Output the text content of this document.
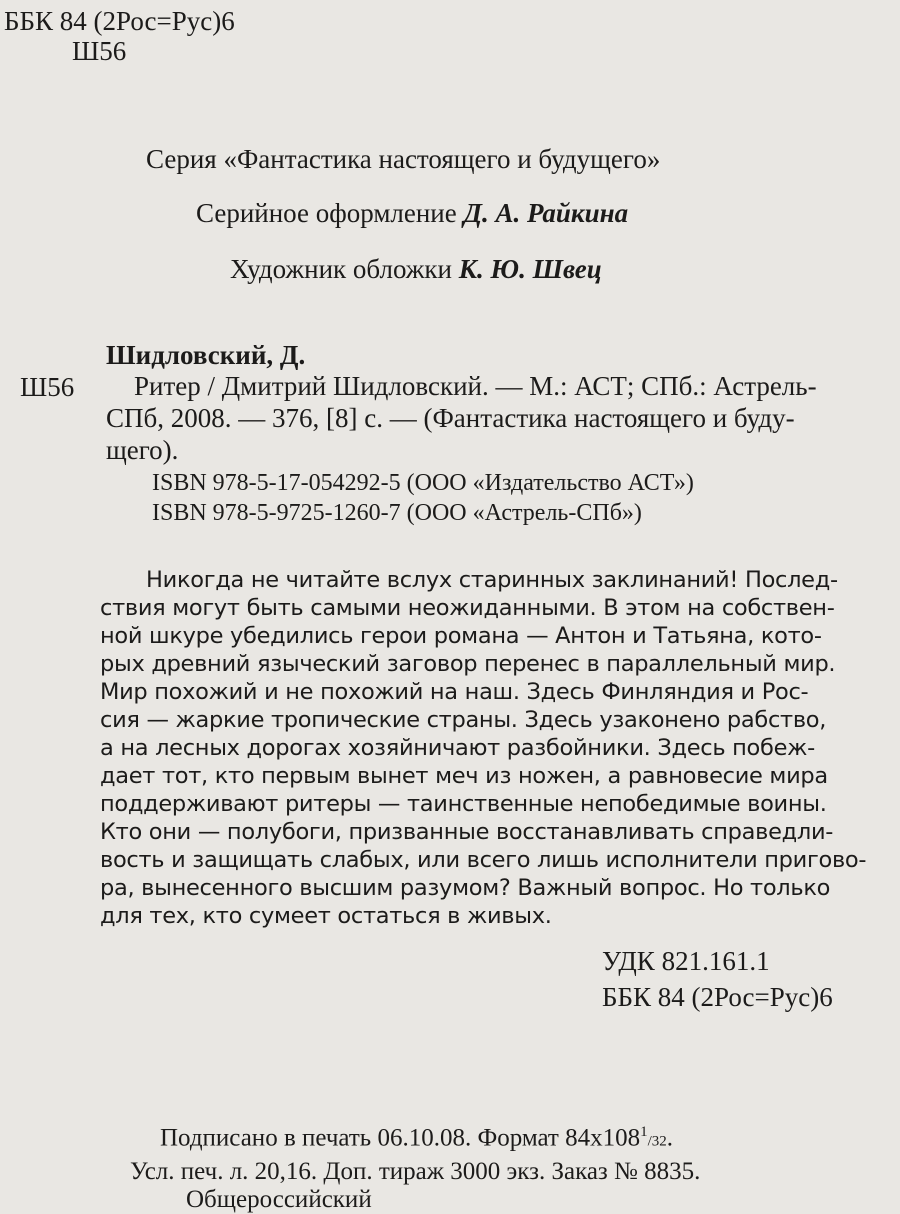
ББК 84 (2Рос=Рус)6
Ш56
Серия «Фантастика настоящего и будущего»
Серийное оформление Д. А. Райкина
Художник обложки К. Ю. Швец
Шидловский, Д.
Ш56	Ритер / Дмитрий Шидловский. — М.: АСТ; СПб.: Астрель-
СПб, 2008. — 376, [8] с. — (Фантастика настоящего и буду-
щего).
ISBN 978-5-17-054292-5 (ООО «Издательство АСТ»)
ISBN 978-5-9725-1260-7 (ООО «Астрель-СПб»)
Никогда не читайте вслух старинных заклинаний! Послед-
ствия могут быть самыми неожиданными. В этом на собствен-
ной шкуре убедились герои романа — Антон и Татьяна, кото-
рых древний языческий заговор перенес в параллельный мир.
Мир похожий и не похожий на наш. Здесь Финляндия и Рос-
сия — жаркие тропические страны. Здесь узаконено рабство,
а на лесных дорогах хозяйничают разбойники. Здесь побеж-
дает тот, кто первым вынет меч из ножен, а равновесие мира
поддерживают ритеры — таинственные непобедимые воины.
Кто они — полубоги, призванные восстанавливать справедли-
вость и защищать слабых, или всего лишь исполнители пригово-
ра, вынесенного высшим разумом? Важный вопрос. Но только
для тех, кто сумеет остаться в живых.
УДК 821.161.1
ББК 84 (2Рос=Рус)6
Подписано в печать 06.10.08. Формат $84x108^1/32$.
Усл. печ. л. 20,16. Доп. тираж 3000 экз. Заказ № 8835.
Общероссийский
